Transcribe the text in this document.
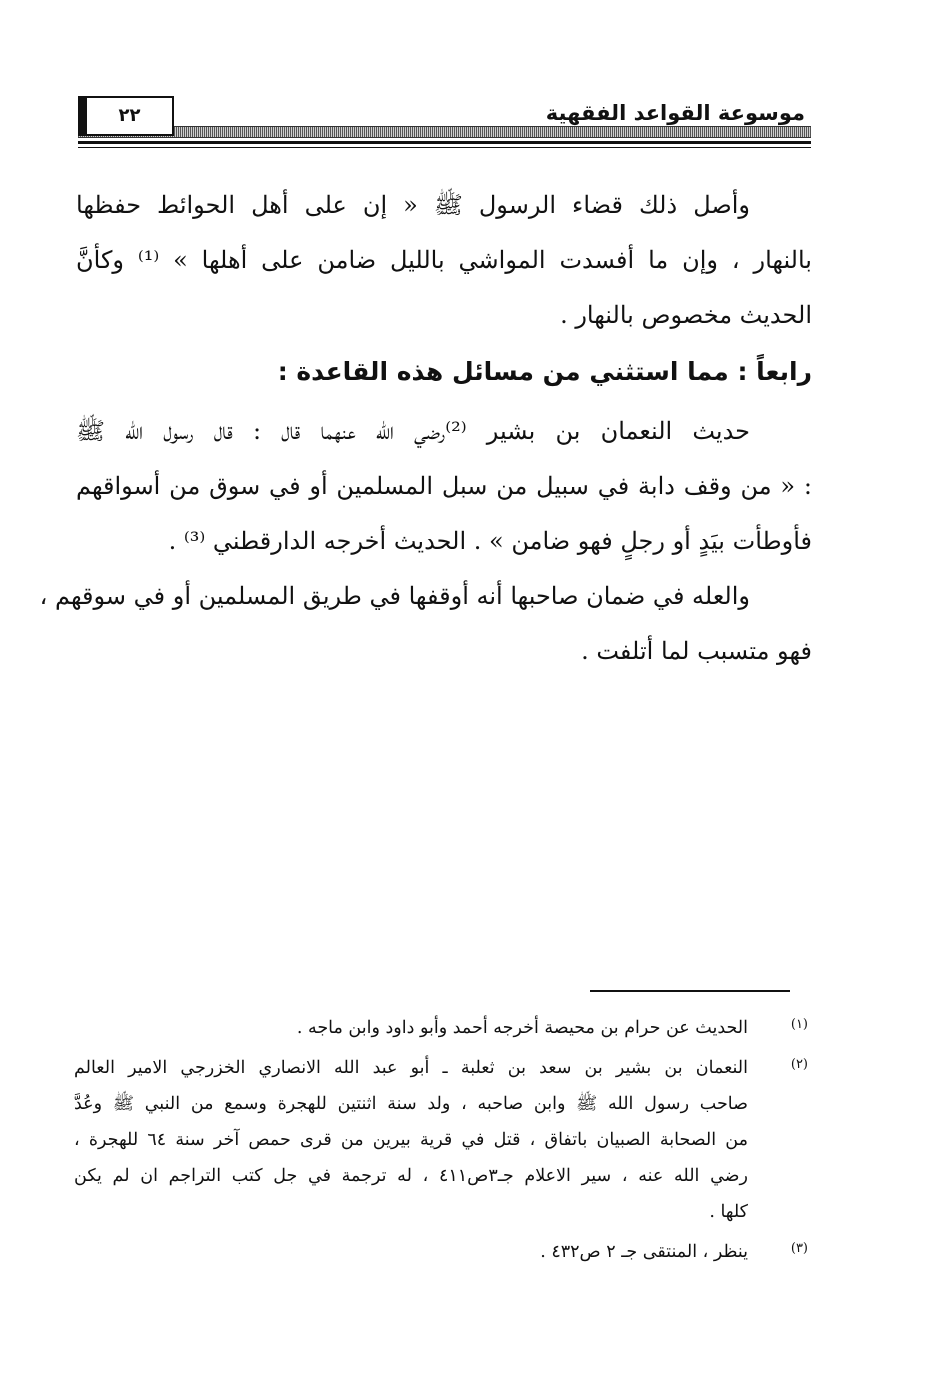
موسوعة القواعد الفقهية
٢٢
وأصل ذلك قضاء الرسول ﷺ « إن على أهل الحوائط حفظها
بالنهار ، وإن ما أفسدت المواشي بالليل ضامن على أهلها » ⁽¹⁾ وكأنَّ
الحديث مخصوص بالنهار .
رابعاً : مما استثني من مسائل هذه القاعدة :
حديث النعمان بن بشير ⁽²⁾رضي الله عنهما قال : قال رسول الله ﷺ
: « من وقف دابة في سبيل من سبل المسلمين أو في سوق من أسواقهم
فأوطأت بيَدٍ أو رجلٍ فهو ضامن » . الحديث أخرجه الدارقطني ⁽³⁾ .
والعله في ضمان صاحبها أنه أوقفها في طريق المسلمين أو في سوقهم ،
فهو متسبب لما أتلفت .
(١)
الحديث عن حرام بن محيصة أخرجه أحمد وأبو داود وابن ماجه .
(٢)
النعمان بن بشير بن سعد بن ثعلبة ـ أبو عبد الله الانصاري الخزرجي الامير العالم
صاحب رسول الله ﷺ وابن صاحبه ، ولد سنة اثنتين للهجرة وسمع من النبي ﷺ وعُدَّ
من الصحابة الصبيان باتفاق ، قتل في قرية بيرين من قرى حمص آخر سنة ٦٤ للهجرة ،
رضي الله عنه ، سير الاعلام جـ٣ص٤١١ ، له ترجمة في جل كتب التراجم ان لم يكن
كلها .
(٣)
ينظر ، المنتقى جـ ٢ ص٤٣٢ .
